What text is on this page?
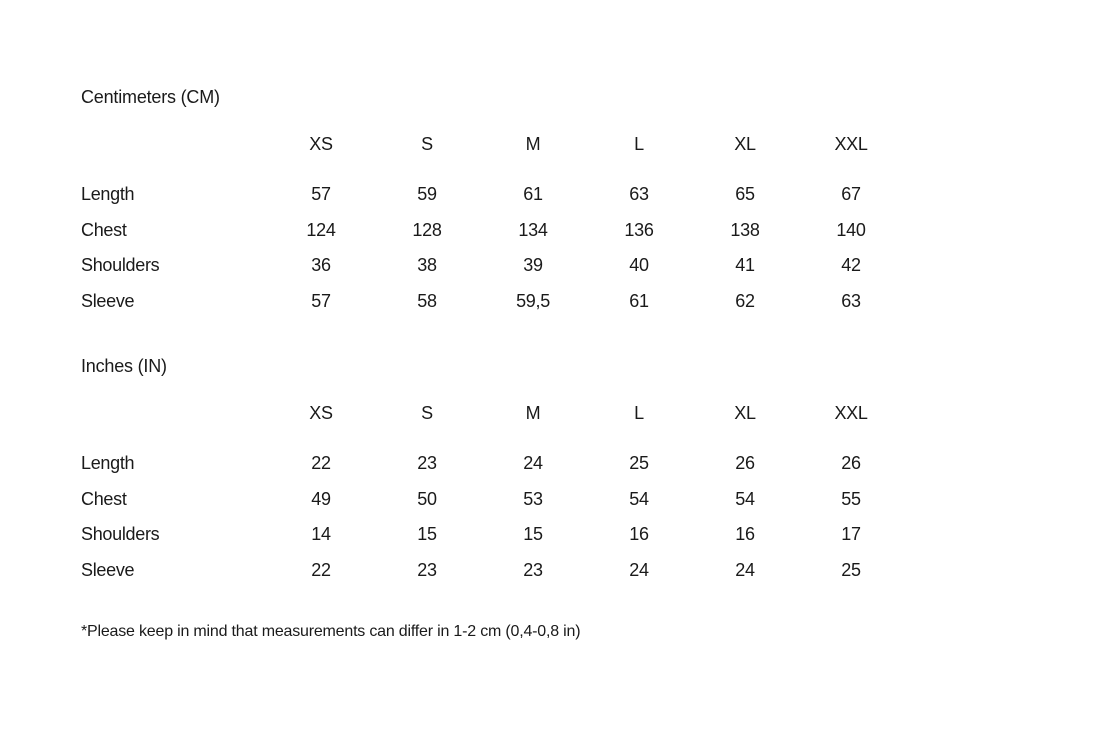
Centimeters (CM)
	XS	S	M	L	XL	XXL
Length	57	59	61	63	65	67
Chest	124	128	134	136	138	140
Shoulders	36	38	39	40	41	42
Sleeve	57	58	59,5	61	62	63
Inches (IN)
	XS	S	M	L	XL	XXL
Length	22	23	24	25	26	26
Chest	49	50	53	54	54	55
Shoulders	14	15	15	16	16	17
Sleeve	22	23	23	24	24	25

*Please keep in mind that measurements can differ in 1-2 cm (0,4-0,8 in)
